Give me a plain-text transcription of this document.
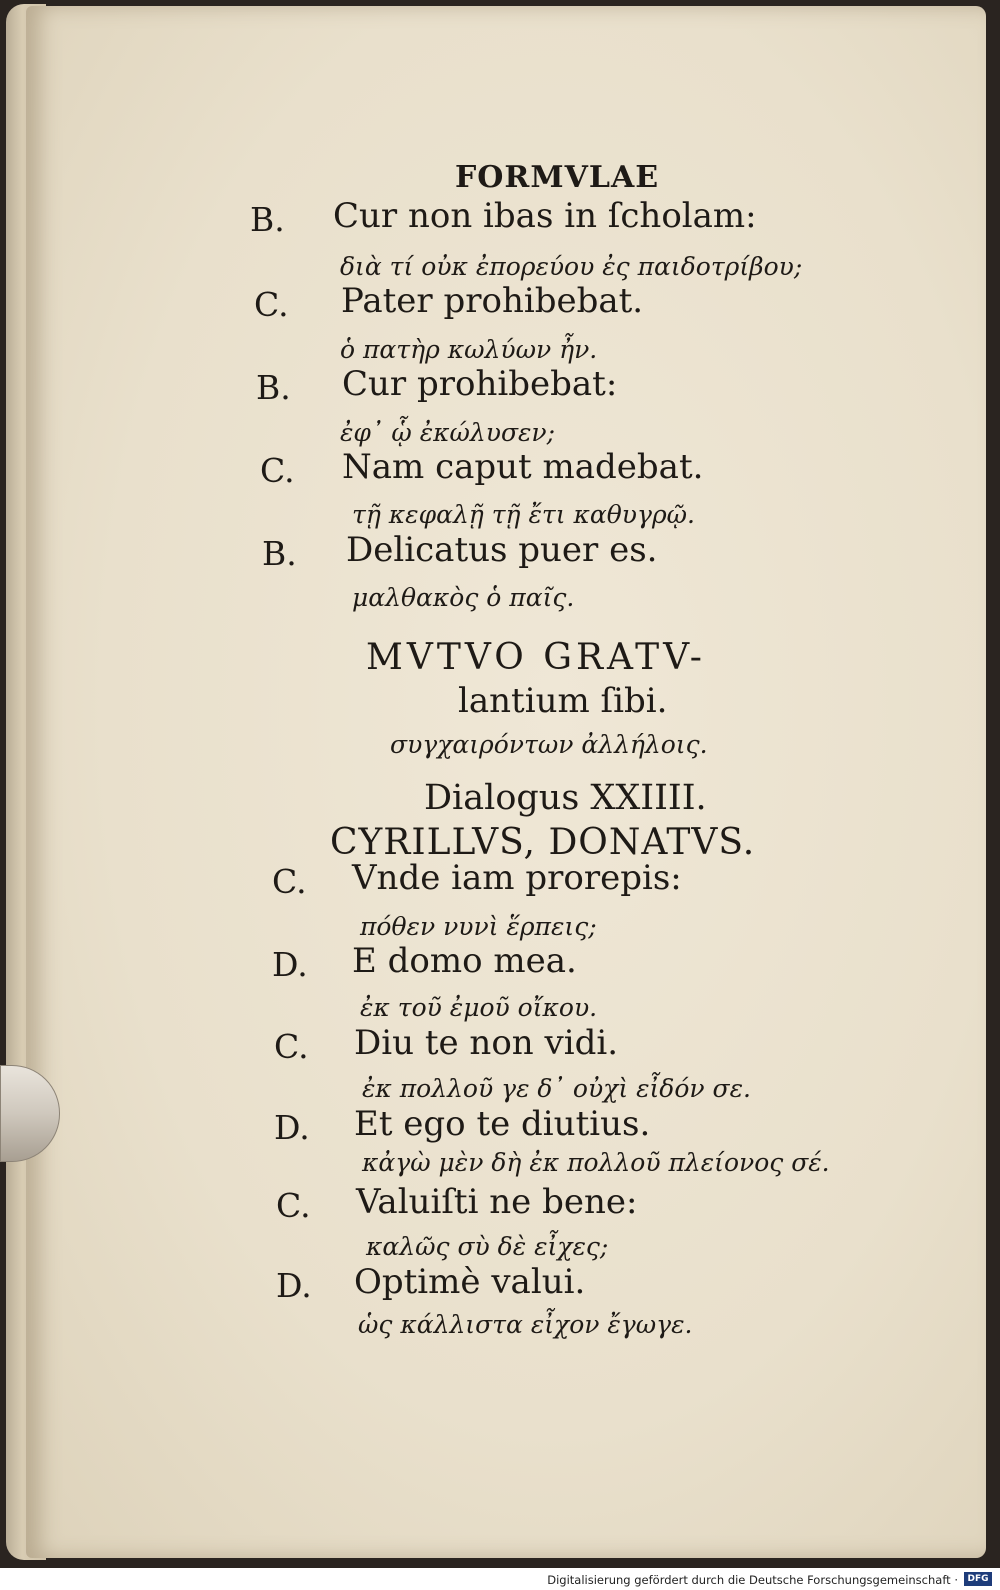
FORMVLAE
B. Cur non ibas in ſcholam:
διὰ τί οὐκ ἐπορεύου ἐς παιδοτρίβου;
C. Pater prohibebat.
ὁ πατὴρ κωλύων ἦν.
B. Cur prohibebat:
ἐφ᾽ ᾧ ἐκώλυσεν;
C. Nam caput madebat.
τῇ κεφαλῇ τῇ ἔτι καθυγρῷ.
B. Delicatus puer es.
μαλθακὸς ὁ παῖς.
MVTVO GRATV-
lantium ſibi.
συγχαιρόντων ἀλλήλοις.
Dialogus XXIIII.
CYRILLVS, DONATVS.
C. Vnde iam prorepis:
πόθεν νυνὶ ἕρπεις;
D. E domo mea.
ἐκ τοῦ ἐμοῦ οἴκου.
C. Diu te non vidi.
ἐκ πολλοῦ γε δ᾽ οὐχὶ εἶδόν σε.
D. Et ego te diutius.
κἀγὼ μὲν δὴ ἐκ πολλοῦ πλείονος σέ.
C. Valuiſti ne bene:
καλῶς σὺ δὲ εἶχες;
D. Optimè valui.
ὡς κάλλιστα εἶχον ἔγωγε.
Digitalisierung gefördert durch die Deutsche Forschungsgemeinschaft ·	DFG
